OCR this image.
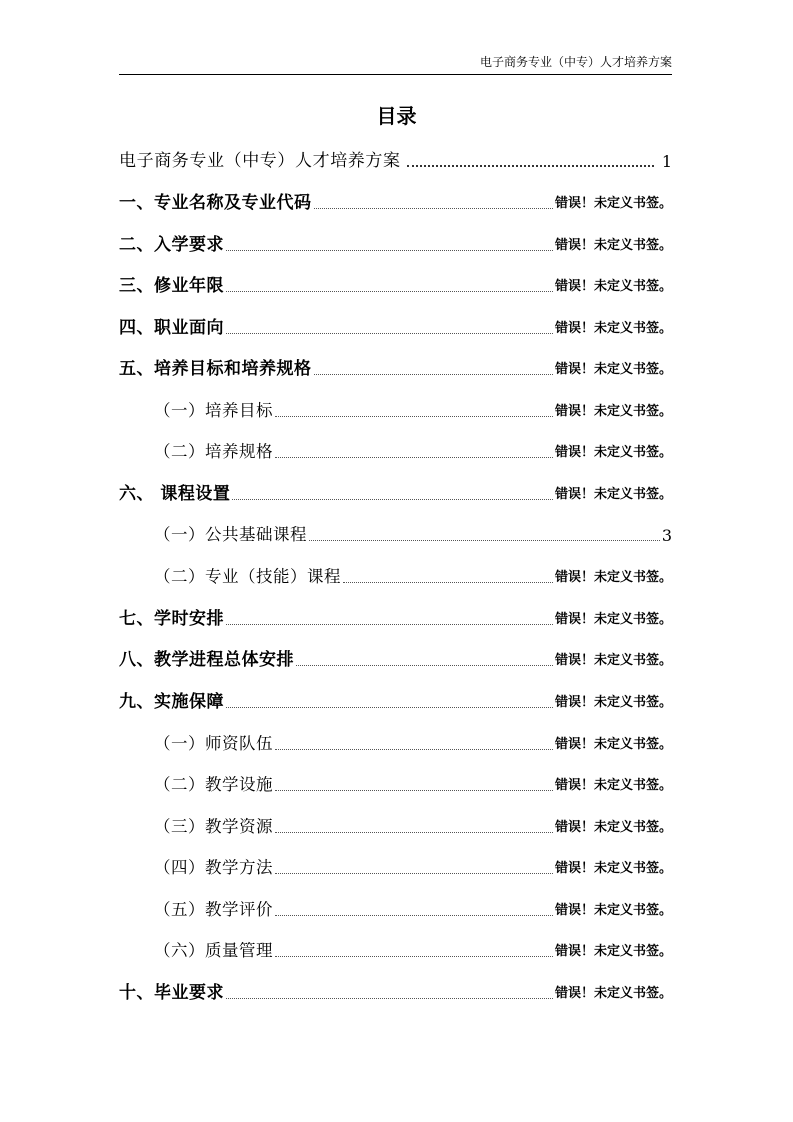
电子商务专业（中专）人才培养方案
目录
电子商务专业（中专）人才培养方案	1
一、专业名称及专业代码	错误！未定义书签。
二、入学要求	错误！未定义书签。
三、修业年限	错误！未定义书签。
四、职业面向	错误！未定义书签。
五、培养目标和培养规格	错误！未定义书签。
（一）培养目标	错误！未定义书签。
（二）培养规格	错误！未定义书签。
六、 课程设置	错误！未定义书签。
（一）公共基础课程	3
（二）专业（技能）课程	错误！未定义书签。
七、学时安排	错误！未定义书签。
八、教学进程总体安排	错误！未定义书签。
九、实施保障	错误！未定义书签。
（一）师资队伍	错误！未定义书签。
（二）教学设施	错误！未定义书签。
（三）教学资源	错误！未定义书签。
（四）教学方法	错误！未定义书签。
（五）教学评价	错误！未定义书签。
（六）质量管理	错误！未定义书签。
十、毕业要求	错误！未定义书签。
